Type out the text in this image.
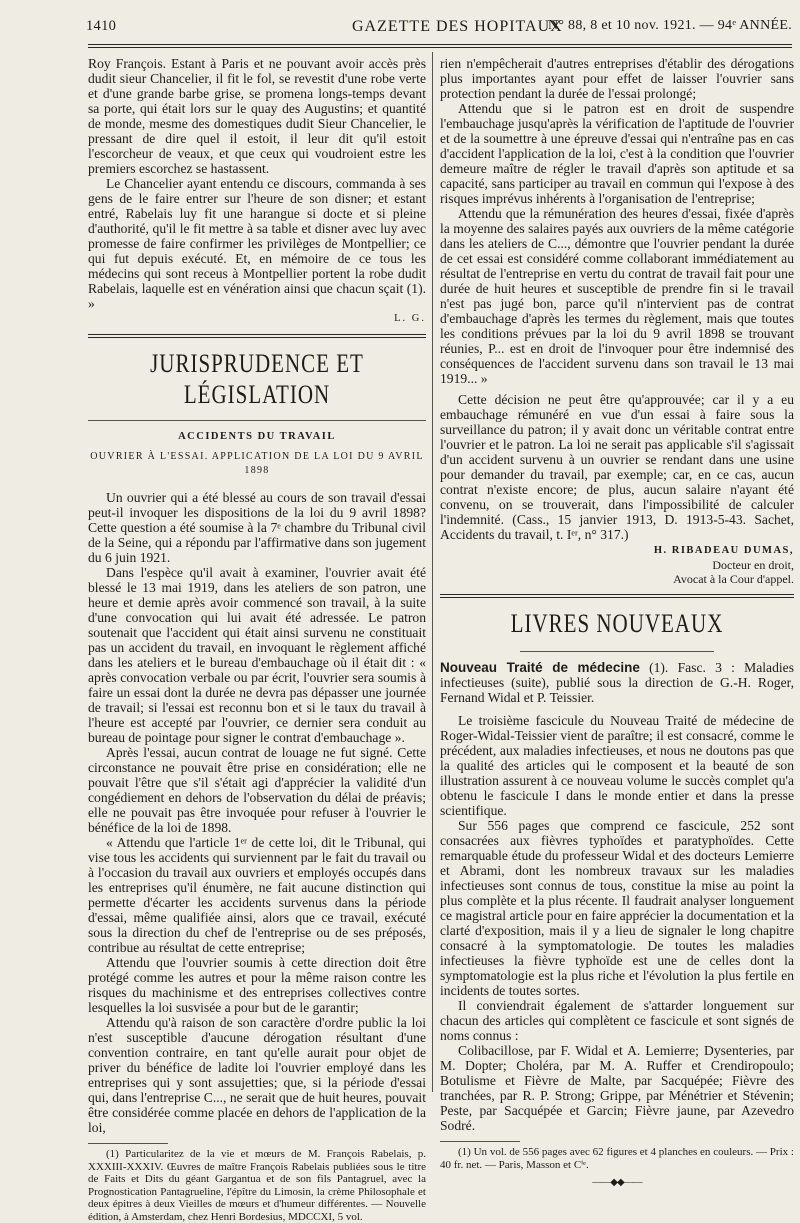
1410	GAZETTE DES HOPITAUX
N° 88, 8 et 10 nov. 1921. — 94ᵉ ANNÉE.

Roy François. Estant à Paris et ne pouvant avoir accès près dudit sieur Chancelier, il fit le fol, se revestit d'une robe verte et d'une grande barbe grise, se promena longs-temps devant sa porte, qui était lors sur le quay des Augustins; et quantité de monde, mesme des domestiques dudit Sieur Chancelier, le pressant de dire quel il estoit, il leur dit qu'il estoit l'escorcheur de veaux, et que ceux qui voudroient estre les premiers escorchez se hastassent.

Le Chancelier ayant entendu ce discours, commanda à ses gens de le faire entrer sur l'heure de son disner; et estant entré, Rabelais luy fit une harangue si docte et si pleine d'authorité, qu'il le fit mettre à sa table et disner avec luy avec promesse de faire confirmer les privilèges de Montpellier; ce qui fut depuis exécuté. Et, en mémoire de ce tous les médecins qui sont receus à Montpellier portent la robe dudit Rabelais, laquelle est en vénération ainsi que chacun sçait (1). »

L. G.
JURISPRUDENCE ET LÉGISLATION
ACCIDENTS DU TRAVAIL
OUVRIER À L'ESSAI. APPLICATION DE LA LOI DU 9 AVRIL 1898

Un ouvrier qui a été blessé au cours de son travail d'essai peut-il invoquer les dispositions de la loi du 9 avril 1898? Cette question a été soumise à la 7ᵉ chambre du Tribunal civil de la Seine, qui a répondu par l'affirmative dans son jugement du 6 juin 1921.

Dans l'espèce qu'il avait à examiner, l'ouvrier avait été blessé le 13 mai 1919, dans les ateliers de son patron, une heure et demie après avoir commencé son travail, à la suite d'une convocation qui lui avait été adressée. Le patron soutenait que l'accident qui était ainsi survenu ne constituait pas un accident du travail, en invoquant le règlement affiché dans les ateliers et le bureau d'embauchage où il était dit : « après convocation verbale ou par écrit, l'ouvrier sera soumis à faire un essai dont la durée ne devra pas dépasser une journée de travail; si l'essai est reconnu bon et si le taux du travail à l'heure est accepté par l'ouvrier, ce dernier sera conduit au bureau de pointage pour signer le contrat d'embauchage ».

Après l'essai, aucun contrat de louage ne fut signé. Cette circonstance ne pouvait être prise en considération; elle ne pouvait l'être que s'il s'était agi d'apprécier la validité d'un congédiement en dehors de l'observation du délai de préavis; elle ne pouvait pas être invoquée pour refuser à l'ouvrier le bénéfice de la loi de 1898.

« Attendu que l'article 1ᵉʳ de cette loi, dit le Tribunal, qui vise tous les accidents qui surviennent par le fait du travail ou à l'occasion du travail aux ouvriers et employés occupés dans les entreprises qu'il énumère, ne fait aucune distinction qui permette d'écarter les accidents survenus dans la période d'essai, même qualifiée ainsi, alors que ce travail, exécuté sous la direction du chef de l'entreprise ou de ses préposés, contribue au résultat de cette entreprise;

Attendu que l'ouvrier soumis à cette direction doit être protégé comme les autres et pour la même raison contre les risques du machinisme et des entreprises collectives contre lesquelles la loi susvisée a pour but de le garantir;

Attendu qu'à raison de son caractère d'ordre public la loi n'est susceptible d'aucune dérogation résultant d'une convention contraire, en tant qu'elle aurait pour objet de priver du bénéfice de ladite loi l'ouvrier employé dans les entreprises qui y sont assujetties; que, si la période d'essai qui, dans l'entreprise C..., ne serait que de huit heures, pouvait être considérée comme placée en dehors de l'application de la loi,

(1) Particularitez de la vie et mœurs de M. François Rabelais, p. XXXIII-XXXIV. Œuvres de maître François Rabelais publiées sous le titre de Faits et Dits du géant Gargantua et de son fils Pantagruel, avec la Prognostication Pantagrueline, l'épître du Limosin, la crème Philosophale et deux épitres à deux Vieilles de mœurs et d'humeur différentes. — Nouvelle édition, à Amsterdam, chez Henri Bordesius, MDCCXI, 5 vol.

rien n'empêcherait d'autres entreprises d'établir des dérogations plus importantes ayant pour effet de laisser l'ouvrier sans protection pendant la durée de l'essai prolongé;

Attendu que si le patron est en droit de suspendre l'embauchage jusqu'après la vérification de l'aptitude de l'ouvrier et de la soumettre à une épreuve d'essai qui n'entraîne pas en cas d'accident l'application de la loi, c'est à la condition que l'ouvrier demeure maître de régler le travail d'après son aptitude et sa capacité, sans participer au travail en commun qui l'expose à des risques imprévus inhérents à l'organisation de l'entreprise;

Attendu que la rémunération des heures d'essai, fixée d'après la moyenne des salaires payés aux ouvriers de la même catégorie dans les ateliers de C..., démontre que l'ouvrier pendant la durée de cet essai est considéré comme collaborant immédiatement au résultat de l'entreprise en vertu du contrat de travail fait pour une durée de huit heures et susceptible de prendre fin si le travail n'est pas jugé bon, parce qu'il n'intervient pas de contrat d'embauchage d'après les termes du règlement, mais que toutes les conditions prévues par la loi du 9 avril 1898 se trouvant réunies, P... est en droit de l'invoquer pour être indemnisé des conséquences de l'accident survenu dans son travail le 13 mai 1919... »

Cette décision ne peut être qu'approuvée; car il y a eu embauchage rémunéré en vue d'un essai à faire sous la surveillance du patron; il y avait donc un véritable contrat entre l'ouvrier et le patron. La loi ne serait pas applicable s'il s'agissait d'un accident survenu à un ouvrier se rendant dans une usine pour demander du travail, par exemple; car, en ce cas, aucun contrat n'existe encore; de plus, aucun salaire n'ayant été convenu, on se trouverait, dans l'impossibilité de calculer l'indemnité. (Cass., 15 janvier 1913, D. 1913-5-43. Sachet, Accidents du travail, t. Iᵉʳ, n° 317.)

H. RIBADEAU DUMAS,
Docteur en droit,
Avocat à la Cour d'appel.
LIVRES NOUVEAUX

Nouveau Traité de médecine (1). Fasc. 3 : Maladies infectieuses (suite), publié sous la direction de G.-H. Roger, Fernand Widal et P. Teissier.

Le troisième fascicule du Nouveau Traité de médecine de Roger-Widal-Teissier vient de paraître; il est consacré, comme le précédent, aux maladies infectieuses, et nous ne doutons pas que la qualité des articles qui le composent et la beauté de son illustration assurent à ce nouveau volume le succès complet qu'a obtenu le fascicule I dans le monde entier et dans la presse scientifique.

Sur 556 pages que comprend ce fascicule, 252 sont consacrées aux fièvres typhoïdes et paratyphoïdes. Cette remarquable étude du professeur Widal et des docteurs Lemierre et Abrami, dont les nombreux travaux sur les maladies infectieuses sont connus de tous, constitue la mise au point la plus complète et la plus récente. Il faudrait analyser longuement ce magistral article pour en faire apprécier la documentation et la clarté d'exposition, mais il y a lieu de signaler le long chapitre consacré à la symptomatologie. De toutes les maladies infectieuses la fièvre typhoïde est une de celles dont la symptomatologie est la plus riche et l'évolution la plus fertile en incidents de toutes sortes.

Il conviendrait également de s'attarder longuement sur chacun des articles qui complètent ce fascicule et sont signés de noms connus :

Colibacillose, par F. Widal et A. Lemierre; Dysenteries, par M. Dopter; Choléra, par M. A. Ruffer et Crendiropoulo; Botulisme et Fièvre de Malte, par Sacquépée; Fièvre des tranchées, par R. P. Strong; Grippe, par Ménétrier et Stévenin; Peste, par Sacquépée et Garcin; Fièvre jaune, par Azevedro Sodré.

(1) Un vol. de 556 pages avec 62 figures et 4 planches en couleurs. — Prix : 40 fr. net. — Paris, Masson et Cⁱᵉ.

——◆◆——
